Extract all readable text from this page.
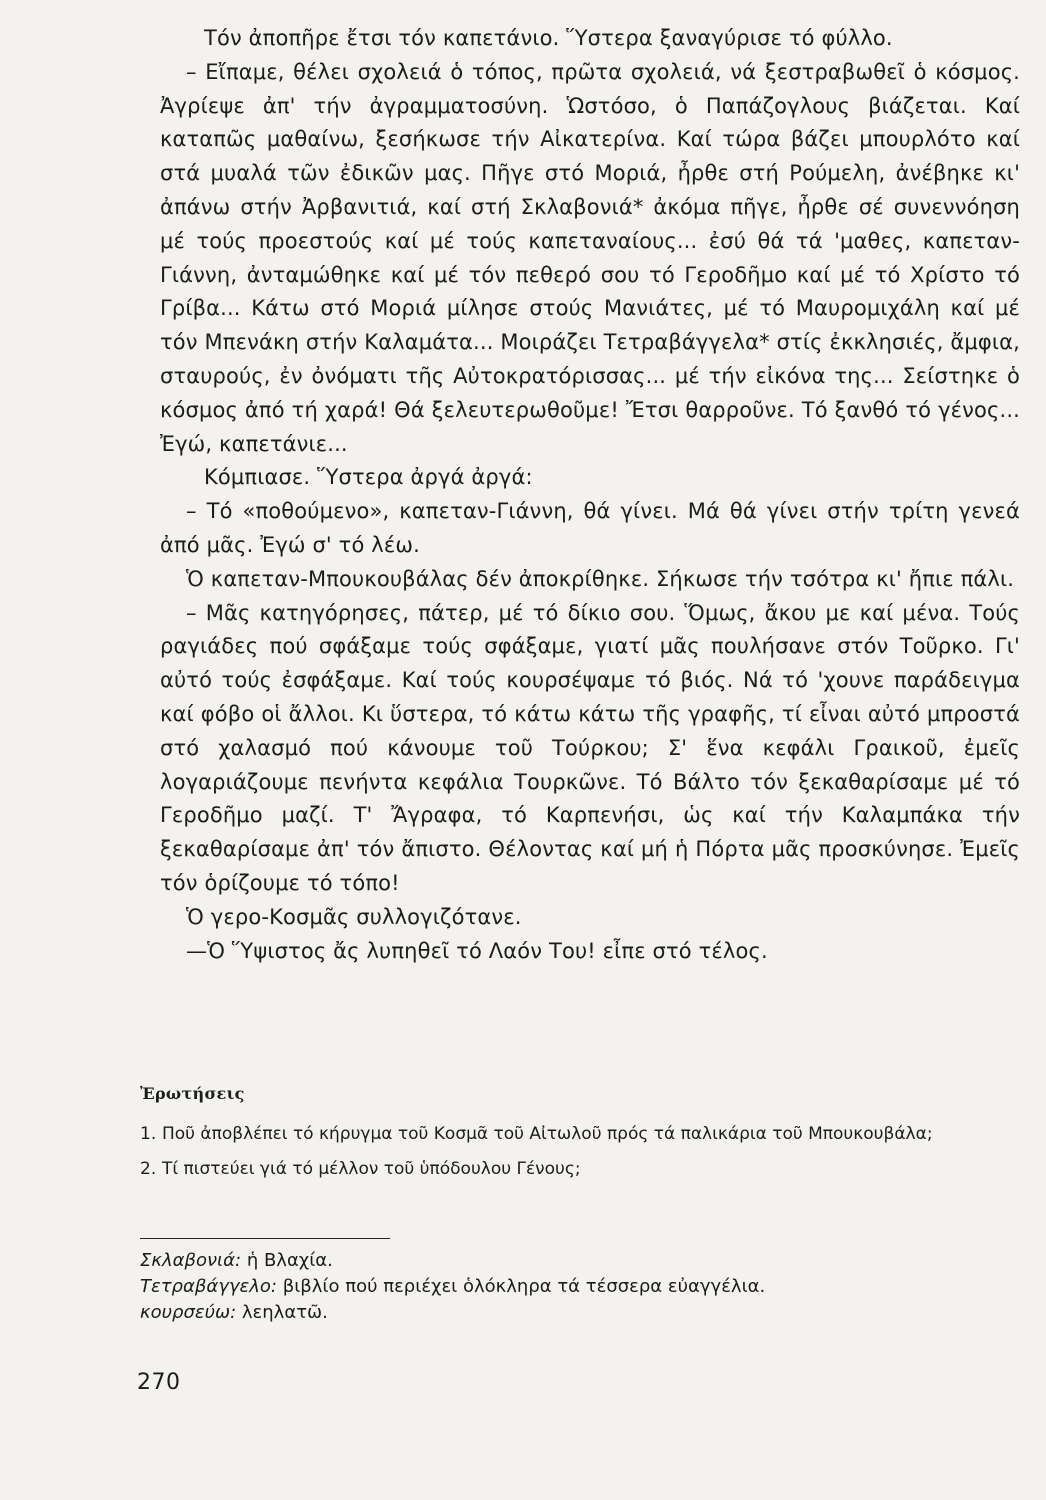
Τόν ἀποπῆρε ἔτσι τόν καπετάνιο. Ὕστερα ξαναγύρισε τό φύλλο.

– Εἴπαμε, θέλει σχολειά ὁ τόπος, πρῶτα σχολειά, νά ξεστραβωθεῖ ὁ κόσμος. Ἀγρίεψε ἀπ' τήν ἀγραμματοσύνη. Ὡστόσο, ὁ Παπάζογλους βιάζεται. Καί καταπῶς μαθαίνω, ξεσήκωσε τήν Αἰκατερίνα. Καί τώρα βάζει μπουρλότο καί στά μυαλά τῶν ἐδικῶν μας. Πῆγε στό Μοριά, ἦρθε στή Ρούμελη, ἀνέβηκε κι' ἀπάνω στήν Ἀρβανιτιά, καί στή Σκλαβονιά* ἀκόμα πῆγε, ἦρθε σέ συνεννόηση μέ τούς προεστούς καί μέ τούς καπεταναίους... ἐσύ θά τά 'μαθες, καπεταν-Γιάννη, ἀνταμώθηκε καί μέ τόν πεθερό σου τό Γεροδῆμο καί μέ τό Χρίστο τό Γρίβα... Κάτω στό Μοριά μίλησε στούς Μανιάτες, μέ τό Μαυρομιχάλη καί μέ τόν Μπενάκη στήν Καλαμάτα... Μοιράζει Τετραβάγγελα* στίς ἐκκλησιές, ἄμφια, σταυρούς, ἐν ὀνόματι τῆς Αὐτοκρατόρισσας... μέ τήν εἰκόνα της... Σείστηκε ὁ κόσμος ἀπό τή χαρά! Θά ξελευτερωθοῦμε! Ἔτσι θαρροῦνε. Τό ξανθό τό γένος... Ἐγώ, καπετάνιε...

Κόμπιασε. Ὕστερα ἀργά ἀργά:

– Τό «ποθούμενο», καπεταν-Γιάννη, θά γίνει. Μά θά γίνει στήν τρίτη γενεά ἀπό μᾶς. Ἐγώ σ' τό λέω.

Ὁ καπεταν-Μπουκουβάλας δέν ἀποκρίθηκε. Σήκωσε τήν τσότρα κι' ἤπιε πάλι.

– Μᾶς κατηγόρησες, πάτερ, μέ τό δίκιο σου. Ὅμως, ἄκου με καί μένα. Τούς ραγιάδες πού σφάξαμε τούς σφάξαμε, γιατί μᾶς πουλήσανε στόν Τοῦρκο. Γι' αὐτό τούς ἐσφάξαμε. Καί τούς κουρσέψαμε τό βιός. Νά τό 'χουνε παράδειγμα καί φόβο οἱ ἄλλοι. Κι ὕστερα, τό κάτω κάτω τῆς γραφῆς, τί εἶναι αὐτό μπροστά στό χαλασμό πού κάνουμε τοῦ Τούρκου; Σ' ἕνα κεφάλι Γραικοῦ, ἐμεῖς λογαριάζουμε πενήντα κεφάλια Τουρκῶνε. Τό Βάλτο τόν ξεκαθαρίσαμε μέ τό Γεροδῆμο μαζί. Τ' Ἄγραφα, τό Καρπενήσι, ὡς καί τήν Καλαμπάκα τήν ξεκαθαρίσαμε ἀπ' τόν ἄπιστο. Θέλοντας καί μή ἡ Πόρτα μᾶς προσκύνησε. Ἐμεῖς τόν ὁρίζουμε τό τόπο!

Ὁ γερο-Κοσμᾶς συλλογιζότανε.

—Ὁ Ὕψιστος ἄς λυπηθεῖ τό Λαόν Του! εἶπε στό τέλος.

Ἐρωτήσεις
1. Ποῦ ἀποβλέπει τό κήρυγμα τοῦ Κοσμᾶ τοῦ Αἰτωλοῦ πρός τά παλικάρια τοῦ Μπουκουβάλα;
2. Τί πιστεύει γιά τό μέλλον τοῦ ὑπόδουλου Γένους;

Σκλαβονιά: ἡ Βλαχία.

Τετραβάγγελο: βιβλίο πού περιέχει ὁλόκληρα τά τέσσερα εὐαγγέλια.

κουρσεύω: λεηλατῶ.

270
